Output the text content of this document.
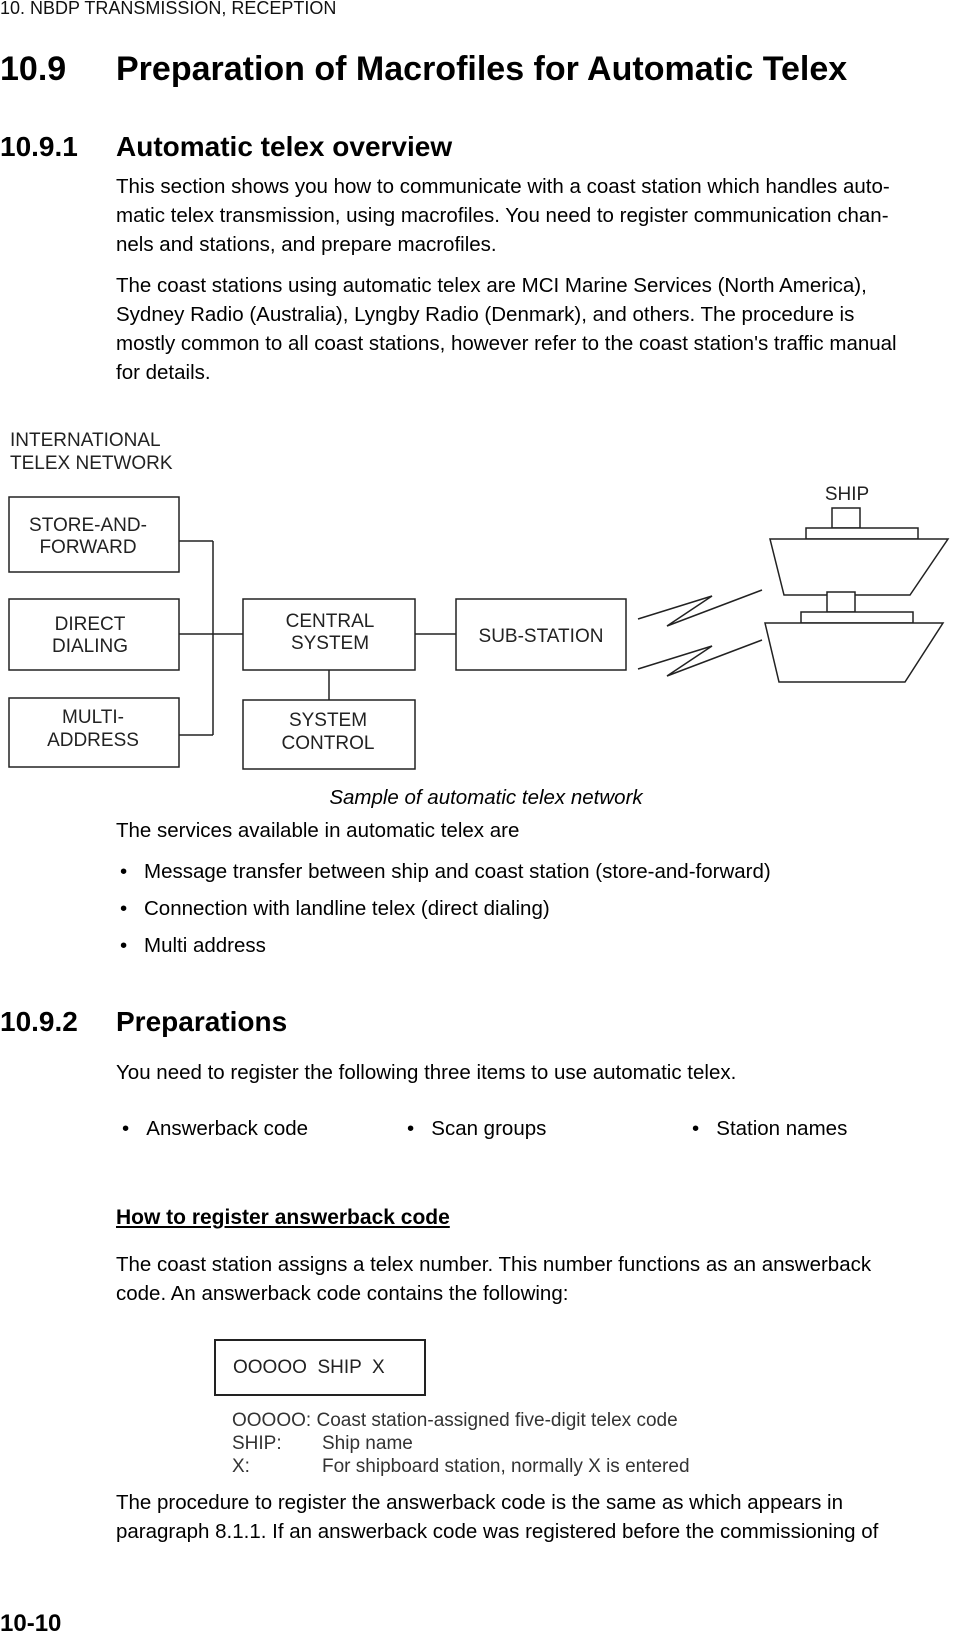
10. NBDP TRANSMISSION, RECEPTION
10.9 Preparation of Macrofiles for Automatic Telex
10.9.1 Automatic telex overview
This section shows you how to communicate with a coast station which handles auto-
matic telex transmission, using macrofiles. You need to register communication chan-
nels and stations, and prepare macrofiles.
The coast stations using automatic telex are MCI Marine Services (North America),
Sydney Radio (Australia), Lyngby Radio (Denmark), and others. The procedure is
mostly common to all coast stations, however refer to the coast station's traffic manual
for details.
INTERNATIONAL
TELEX NETWORK
STORE-AND-
FORWARD
DIRECT
DIALING
MULTI-
ADDRESS
CENTRAL
SYSTEM
SYSTEM
CONTROL
SUB-STATION
SHIP
Sample of automatic telex network
The services available in automatic telex are
• Message transfer between ship and coast station (store-and-forward)
• Connection with landline telex (direct dialing)
• Multi address
10.9.2 Preparations
You need to register the following three items to use automatic telex.
•   Answerback code	•   Scan groups	•   Station names
How to register answerback code
The coast station assigns a telex number. This number functions as an answerback
code. An answerback code contains the following:
OOOOO  SHIP  X
OOOOO: Coast station-assigned five-digit telex code
SHIP: Ship name
X:	For shipboard station, normally X is entered
The procedure to register the answerback code is the same as which appears in
paragraph 8.1.1. If an answerback code was registered before the commissioning of
10-10
